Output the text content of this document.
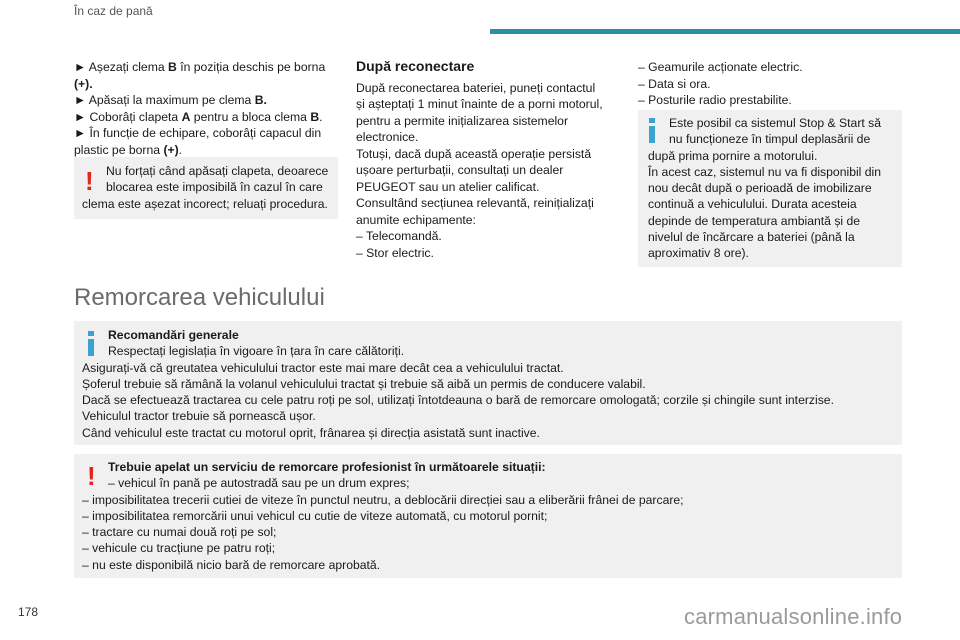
În caz de pană

► Așezați clema B în poziția deschis pe borna

(+).

► Apăsați la maximum pe clema B.

► Coborâți clapeta A pentru a bloca clema B.

► În funcție de echipare, coborâți capacul din

plastic pe borna (+).

!	Nu forțați când apăsați clapeta, deoarece

blocarea este imposibilă în cazul în care

clema este așezat incorect; reluați procedura.

După reconectare

După reconectarea bateriei, puneți contactul

și așteptați 1 minut înainte de a porni motorul,

pentru a permite inițializarea sistemelor

electronice.

Totuși, dacă după această operație persistă

ușoare perturbații, consultați un dealer

PEUGEOT sau un atelier calificat.

Consultând secțiunea relevantă, reinițializați

anumite echipamente:

– Telecomandă.

– Stor electric.

– Geamurile acționate electric.

– Data si ora.

– Posturile radio prestabilite.

Este posibil ca sistemul Stop & Start să

nu funcționeze în timpul deplasării de

după prima pornire a motorului.

În acest caz, sistemul nu va fi disponibil din

nou decât după o perioadă de imobilizare

continuă a vehiculului. Durata acesteia

depinde de temperatura ambiantă și de

nivelul de încărcare a bateriei (până la

aproximativ 8 ore).

Remorcarea vehiculului

Recomandări generale

Respectați legislația în vigoare în țara în care călătoriți.

Asigurați-vă că greutatea vehiculului tractor este mai mare decât cea a vehiculului tractat.

Șoferul trebuie să rămână la volanul vehiculului tractat și trebuie să aibă un permis de conducere valabil.

Dacă se efectuează tractarea cu cele patru roți pe sol, utilizați întotdeauna o bară de remorcare omologată; corzile și chingile sunt interzise.

Vehiculul tractor trebuie să pornească ușor.

Când vehiculul este tractat cu motorul oprit, frânarea și direcția asistată sunt inactive.

!	Trebuie apelat un serviciu de remorcare profesionist în următoarele situații:

– vehicul în pană pe autostradă sau pe un drum expres;

– imposibilitatea trecerii cutiei de viteze în punctul neutru, a deblocării direcției sau a eliberării frânei de parcare;

– imposibilitatea remorcării unui vehicul cu cutie de viteze automată, cu motorul pornit;

– tractare cu numai două roți pe sol;

– vehicule cu tracțiune pe patru roți;

– nu este disponibilă nicio bară de remorcare aprobată.

178	carmanualsonline.info
